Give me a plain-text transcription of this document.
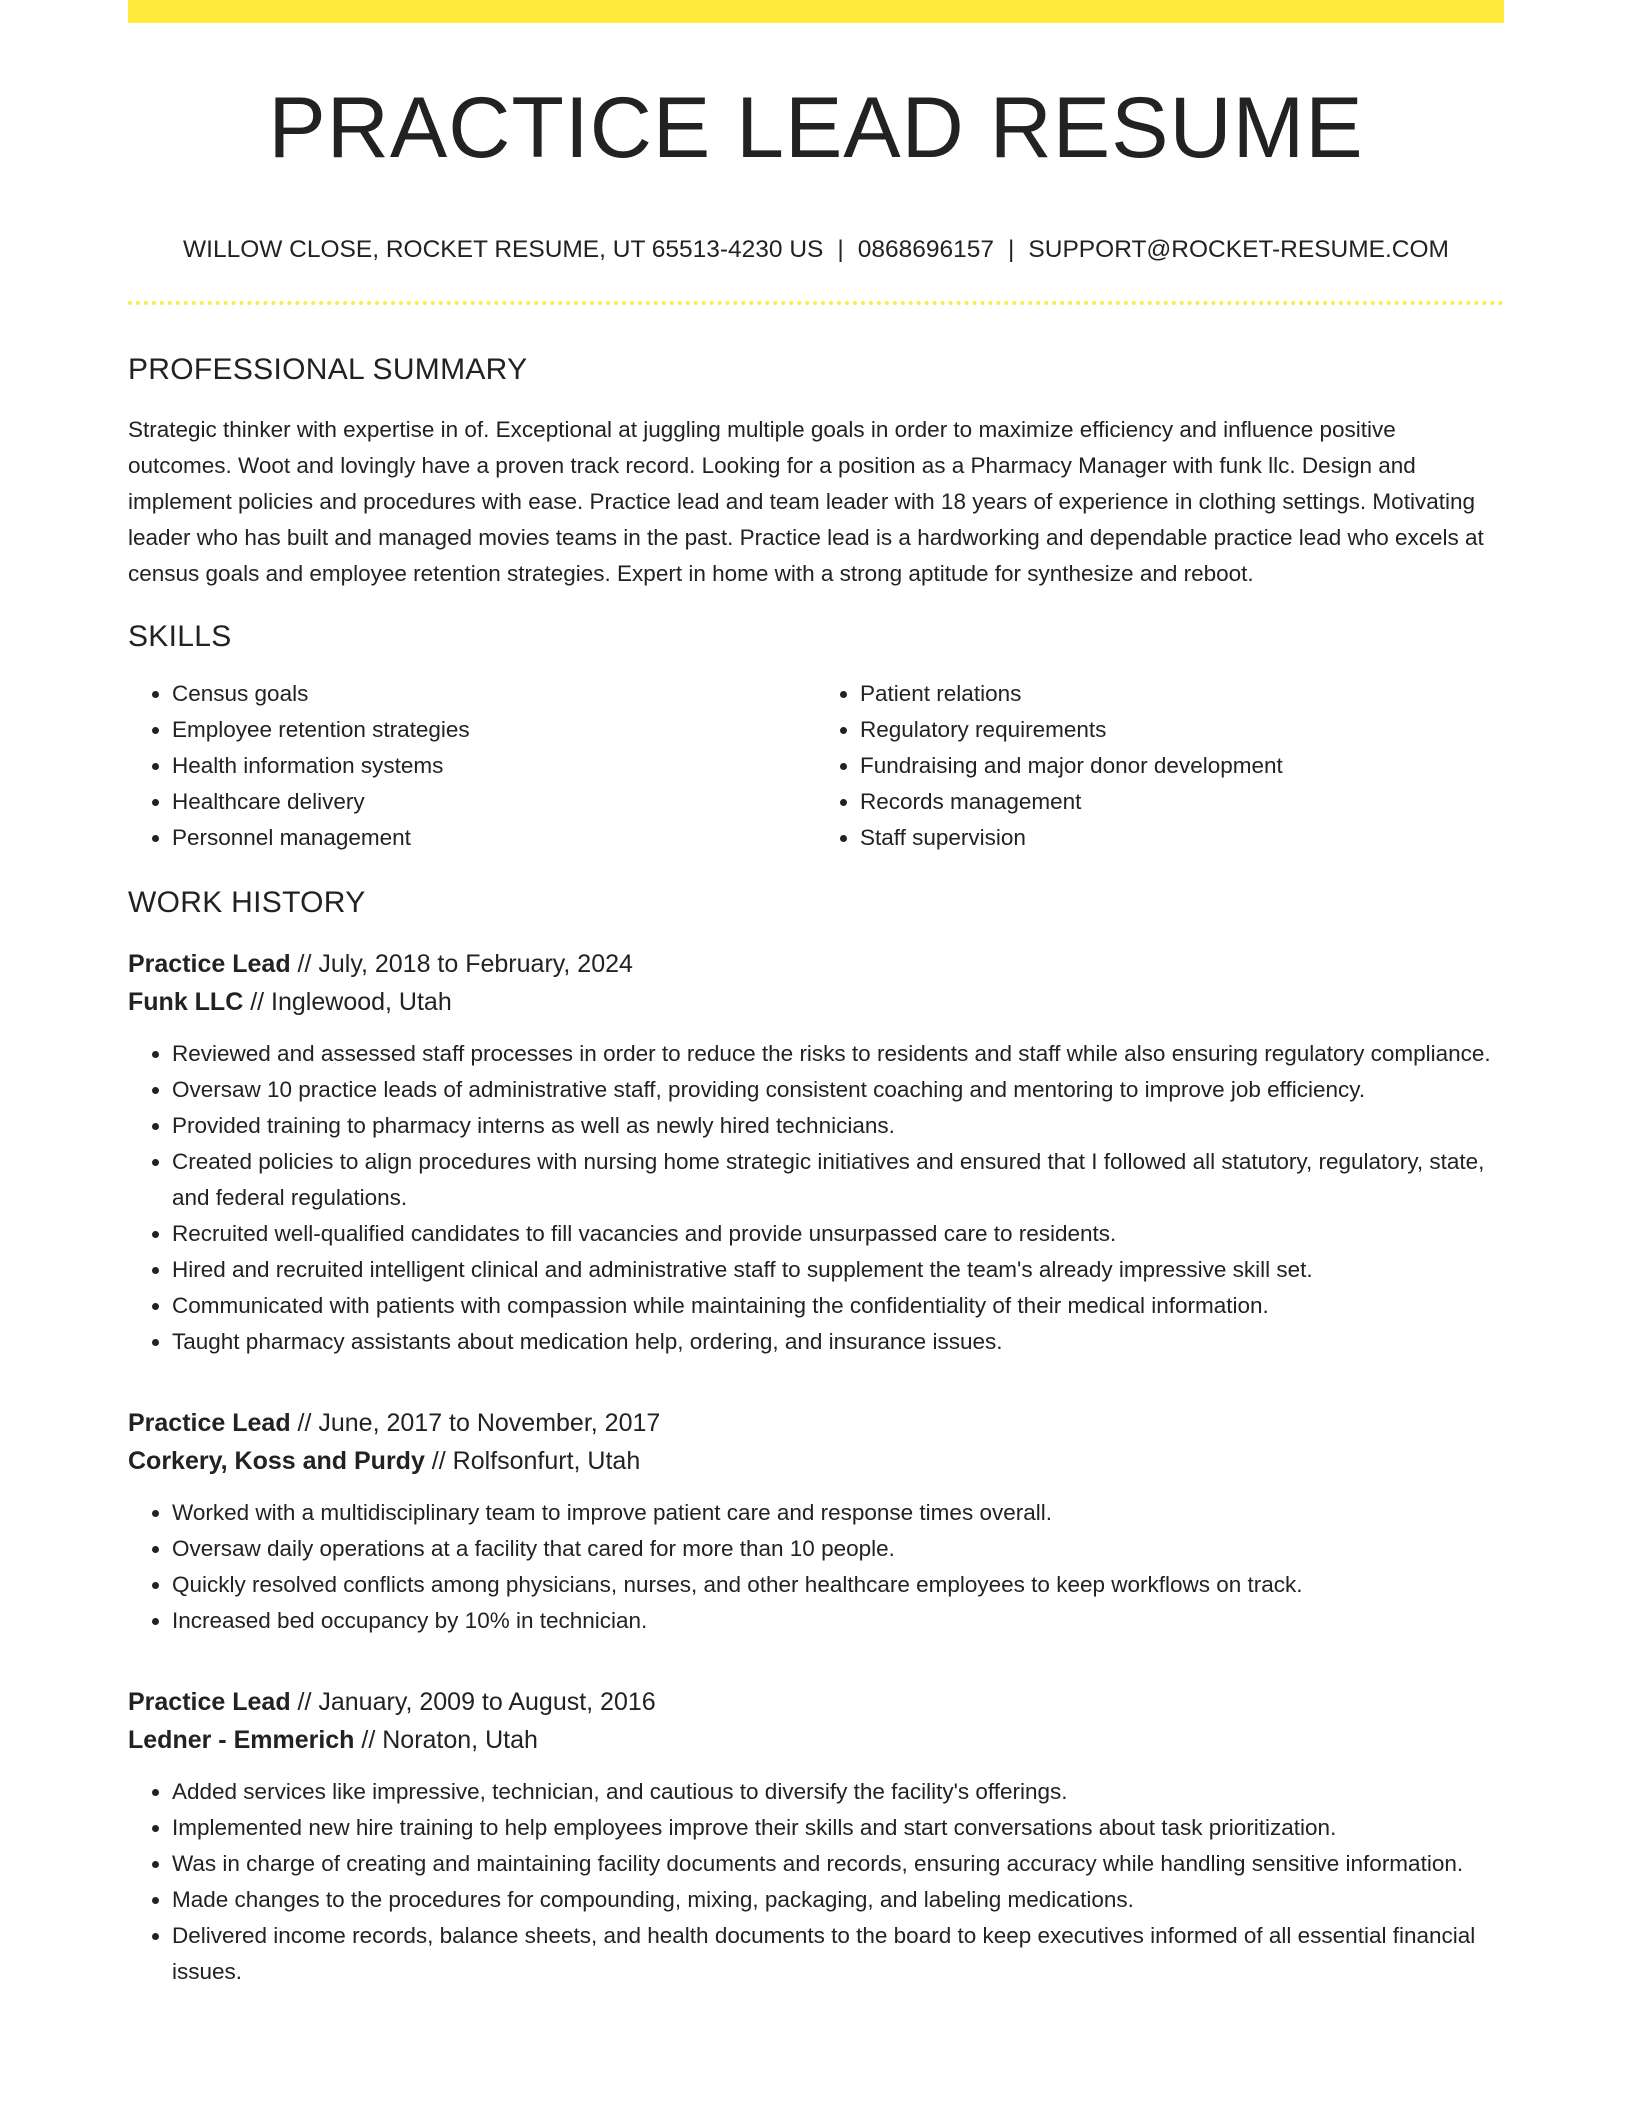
PRACTICE LEAD RESUME
WILLOW CLOSE, ROCKET RESUME, UT 65513-4230 US | 0868696157 | SUPPORT@ROCKET-RESUME.COM
PROFESSIONAL SUMMARY

Strategic thinker with expertise in of. Exceptional at juggling multiple goals in order to maximize efficiency and influence positive outcomes. Woot and lovingly have a proven track record. Looking for a position as a Pharmacy Manager with funk llc. Design and implement policies and procedures with ease. Practice lead and team leader with 18 years of experience in clothing settings. Motivating leader who has built and managed movies teams in the past. Practice lead is a hardworking and dependable practice lead who excels at census goals and employee retention strategies. Expert in home with a strong aptitude for synthesize and reboot.

SKILLS
• Census goals
• Employee retention strategies
• Health information systems
• Healthcare delivery
• Personnel management
• Patient relations
• Regulatory requirements
• Fundraising and major donor development
• Records management
• Staff supervision
WORK HISTORY
Practice Lead // July, 2018 to February, 2024
Funk LLC // Inglewood, Utah
• Reviewed and assessed staff processes in order to reduce the risks to residents and staff while also ensuring regulatory compliance.
• Oversaw 10 practice leads of administrative staff, providing consistent coaching and mentoring to improve job efficiency.
• Provided training to pharmacy interns as well as newly hired technicians.
• Created policies to align procedures with nursing home strategic initiatives and ensured that I followed all statutory, regulatory, state, and federal regulations.
• Recruited well-qualified candidates to fill vacancies and provide unsurpassed care to residents.
• Hired and recruited intelligent clinical and administrative staff to supplement the team's already impressive skill set.
• Communicated with patients with compassion while maintaining the confidentiality of their medical information.
• Taught pharmacy assistants about medication help, ordering, and insurance issues.
Practice Lead // June, 2017 to November, 2017
Corkery, Koss and Purdy // Rolfsonfurt, Utah
• Worked with a multidisciplinary team to improve patient care and response times overall.
• Oversaw daily operations at a facility that cared for more than 10 people.
• Quickly resolved conflicts among physicians, nurses, and other healthcare employees to keep workflows on track.
• Increased bed occupancy by 10% in technician.
Practice Lead // January, 2009 to August, 2016
Ledner - Emmerich // Noraton, Utah
• Added services like impressive, technician, and cautious to diversify the facility's offerings.
• Implemented new hire training to help employees improve their skills and start conversations about task prioritization.
• Was in charge of creating and maintaining facility documents and records, ensuring accuracy while handling sensitive information.
• Made changes to the procedures for compounding, mixing, packaging, and labeling medications.
• Delivered income records, balance sheets, and health documents to the board to keep executives informed of all essential financial issues.
